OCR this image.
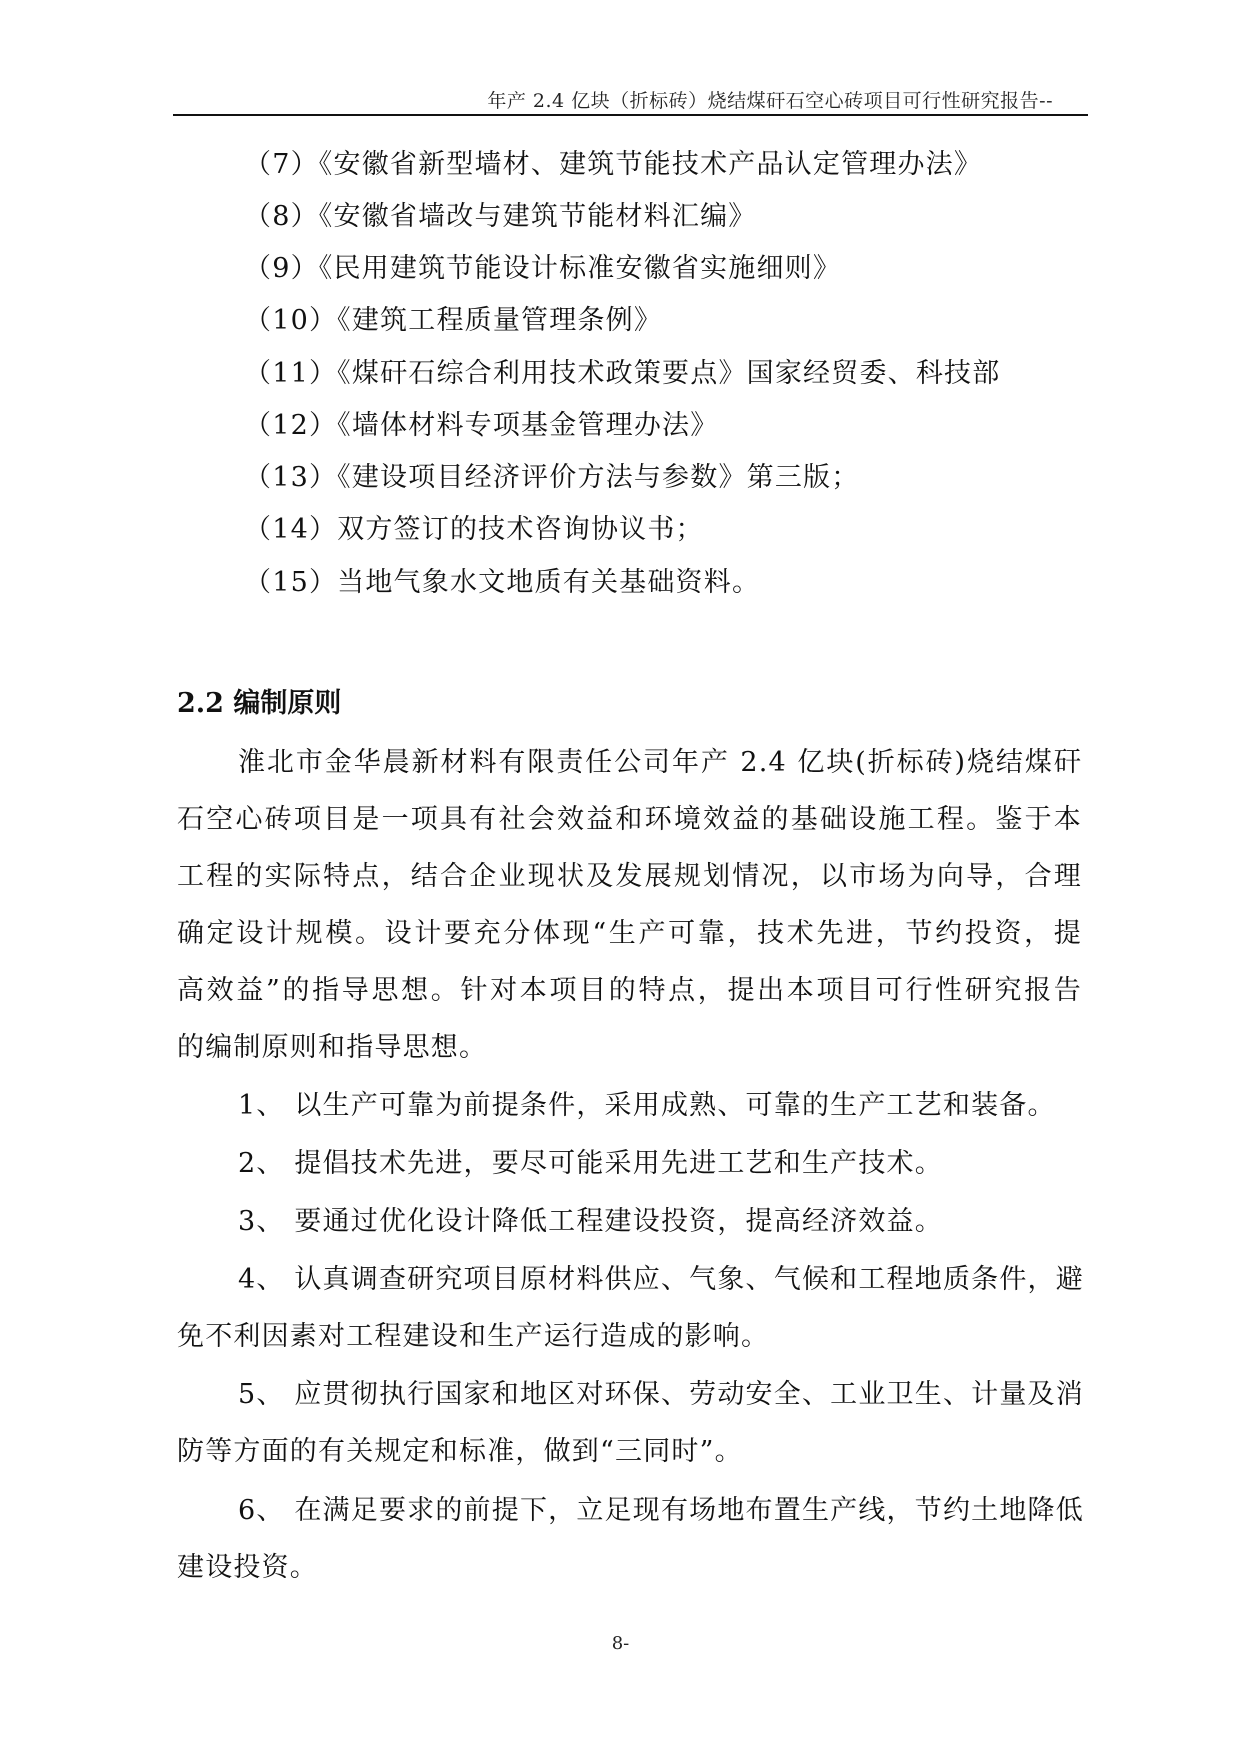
年产 2.4 亿块（折标砖）烧结煤矸石空心砖项目可行性研究报告--
（7）《安徽省新型墙材、建筑节能技术产品认定管理办法》
（8）《安徽省墙改与建筑节能材料汇编》
（9）《民用建筑节能设计标准安徽省实施细则》
（10）《建筑工程质量管理条例》
（11）《煤矸石综合利用技术政策要点》国家经贸委、科技部
（12）《墙体材料专项基金管理办法》
（13）《建设项目经济评价方法与参数》第三版；
（14）双方签订的技术咨询协议书；
（15）当地气象水文地质有关基础资料。
2.2 编制原则
淮北市金华晨新材料有限责任公司年产 2.4 亿块(折标砖)烧结煤矸
石空心砖项目是一项具有社会效益和环境效益的基础设施工程。鉴于本
工程的实际特点，结合企业现状及发展规划情况，以市场为向导，合理
确定设计规模。设计要充分体现“生产可靠，技术先进，节约投资，提
高效益”的指导思想。针对本项目的特点，提出本项目可行性研究报告
的编制原则和指导思想。
1、 以生产可靠为前提条件，采用成熟、可靠的生产工艺和装备。
2、 提倡技术先进，要尽可能采用先进工艺和生产技术。
3、 要通过优化设计降低工程建设投资，提高经济效益。
4、 认真调查研究项目原材料供应、气象、气候和工程地质条件，避
免不利因素对工程建设和生产运行造成的影响。
5、 应贯彻执行国家和地区对环保、劳动安全、工业卫生、计量及消
防等方面的有关规定和标准，做到“三同时”。
6、 在满足要求的前提下，立足现有场地布置生产线，节约土地降低
建设投资。
8-
